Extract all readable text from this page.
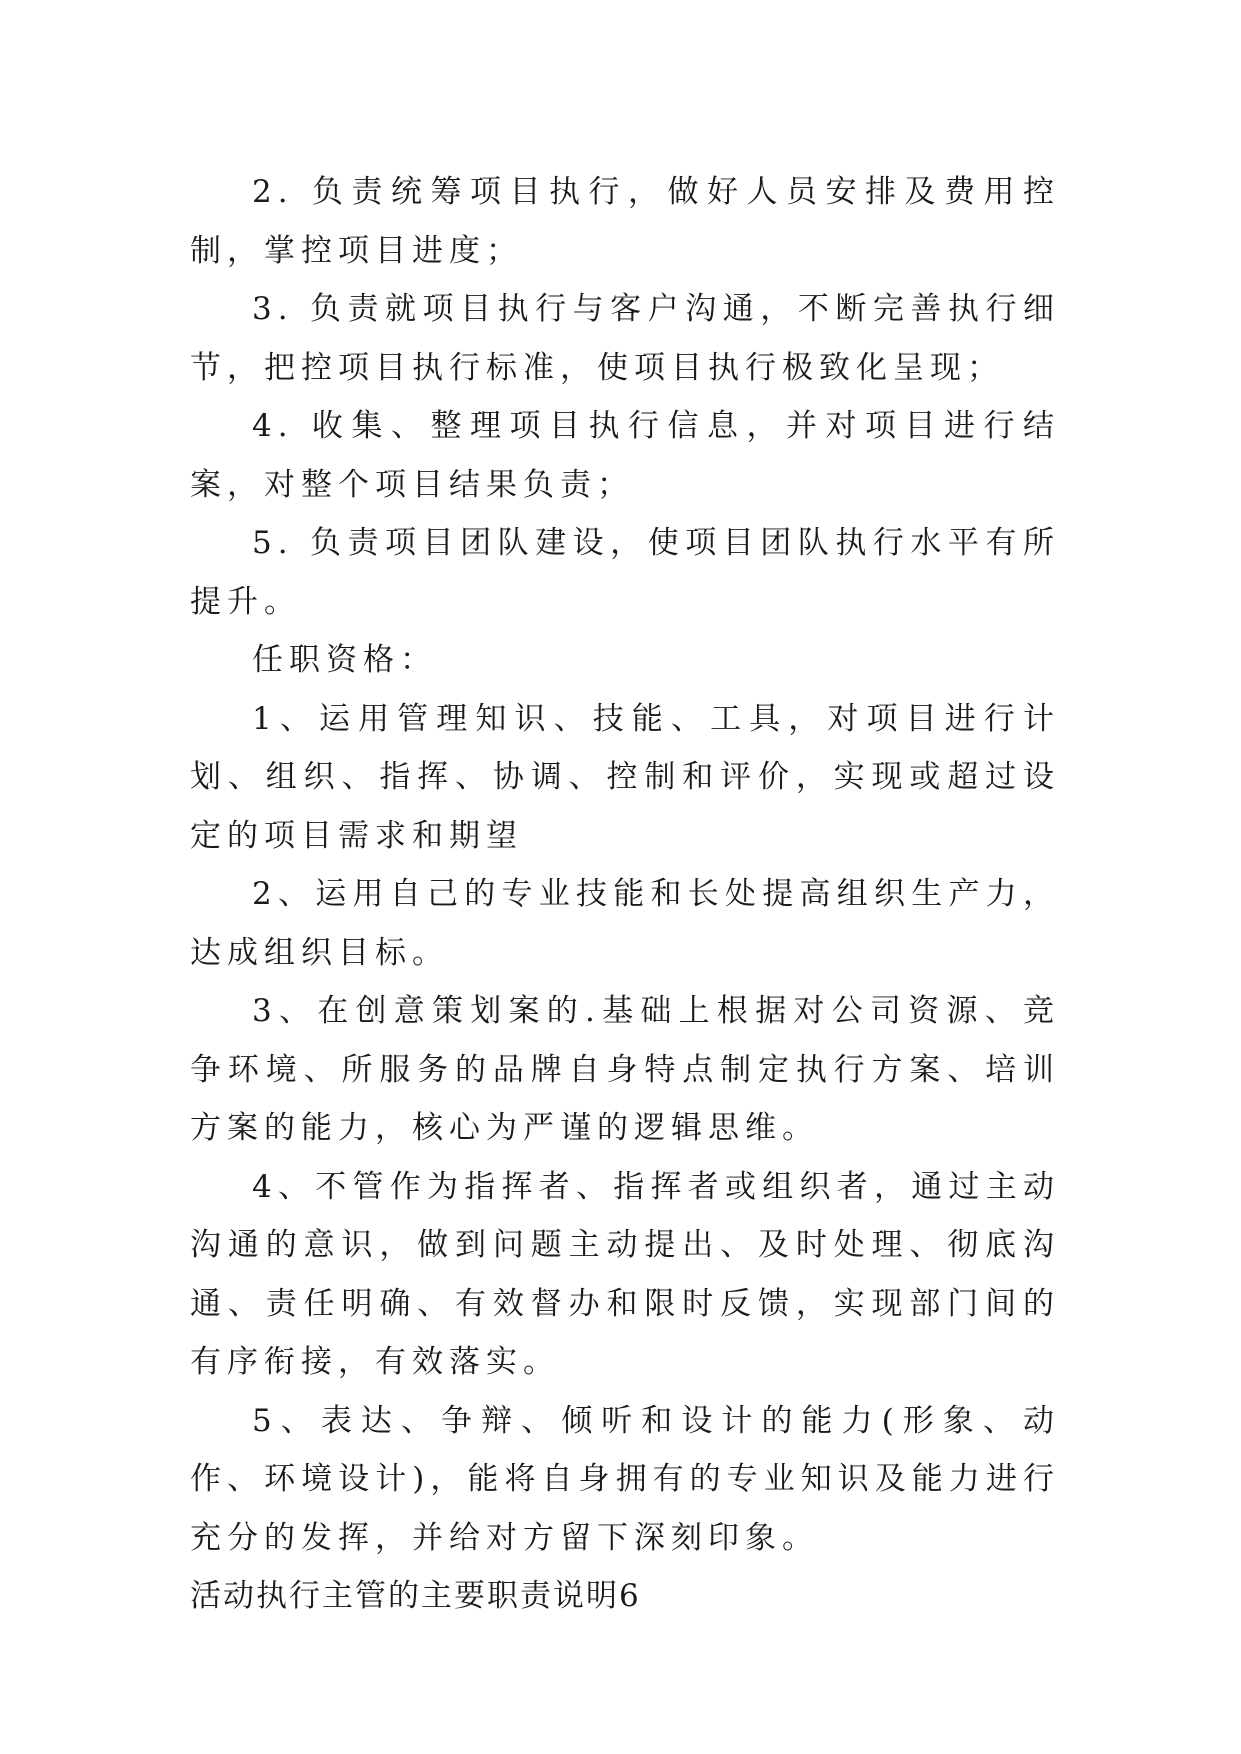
2. 负责统筹项目执行，做好人员安排及费用控制，掌控项目进度；

3. 负责就项目执行与客户沟通，不断完善执行细节，把控项目执行标准，使项目执行极致化呈现；

4. 收集、整理项目执行信息，并对项目进行结案，对整个项目结果负责；

5. 负责项目团队建设，使项目团队执行水平有所提升。

任职资格：

1、运用管理知识、技能、工具，对项目进行计划、组织、指挥、协调、控制和评价，实现或超过设定的项目需求和期望

2、运用自己的专业技能和长处提高组织生产力，达成组织目标。

3、在创意策划案的.基础上根据对公司资源、竞争环境、所服务的品牌自身特点制定执行方案、培训方案的能力，核心为严谨的逻辑思维。

4、不管作为指挥者、指挥者或组织者，通过主动沟通的意识，做到问题主动提出、及时处理、彻底沟通、责任明确、有效督办和限时反馈，实现部门间的有序衔接，有效落实。

5、表达、争辩、倾听和设计的能力(形象、动作、环境设计)，能将自身拥有的专业知识及能力进行充分的发挥，并给对方留下深刻印象。

活动执行主管的主要职责说明6
